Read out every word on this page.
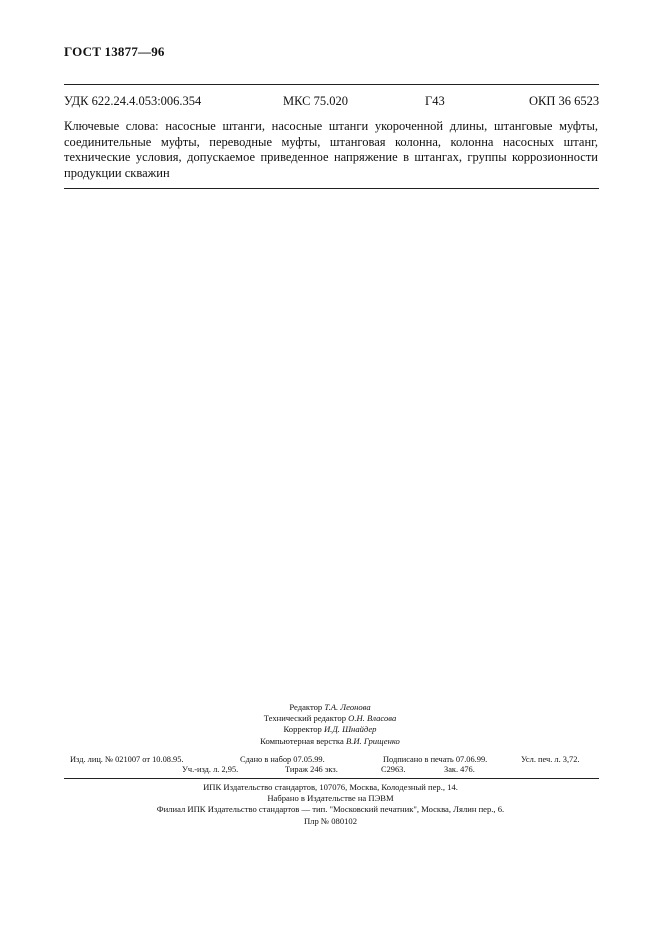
ГОСТ 13877—96
УДК 622.24.4.053:006.354	МКС 75.020	Г43	ОКП 36 6523
Ключевые слова: насосные штанги, насосные штанги укороченной длины, штанговые муфты, соединительные муфты, переводные муфты, штанговая колонна, колонна насосных штанг, технические условия, допускаемое приведенное напряжение в штангах, группы коррозионности продукции скважин
Редактор Т.А. Леонова
Технический редактор О.Н. Власова
Корректор И.Д. Шнайдер
Компьютерная верстка В.И. Грищенко
Изд. лиц. № 021007 от 10.08.95.	Сдано в набор 07.05.99.	Подписано в печать 07.06.99.	Усл. печ. л. 3,72.
Уч.-изд. л. 2,95.	Тираж 246 экз.	С2963.	Зак. 476.
ИПК Издательство стандартов, 107076, Москва, Колодезный пер., 14.
Набрано в Издательстве на ПЭВМ
Филиал ИПК Издательство стандартов — тип. "Московский печатник", Москва, Лялин пер., 6.
Плр № 080102
